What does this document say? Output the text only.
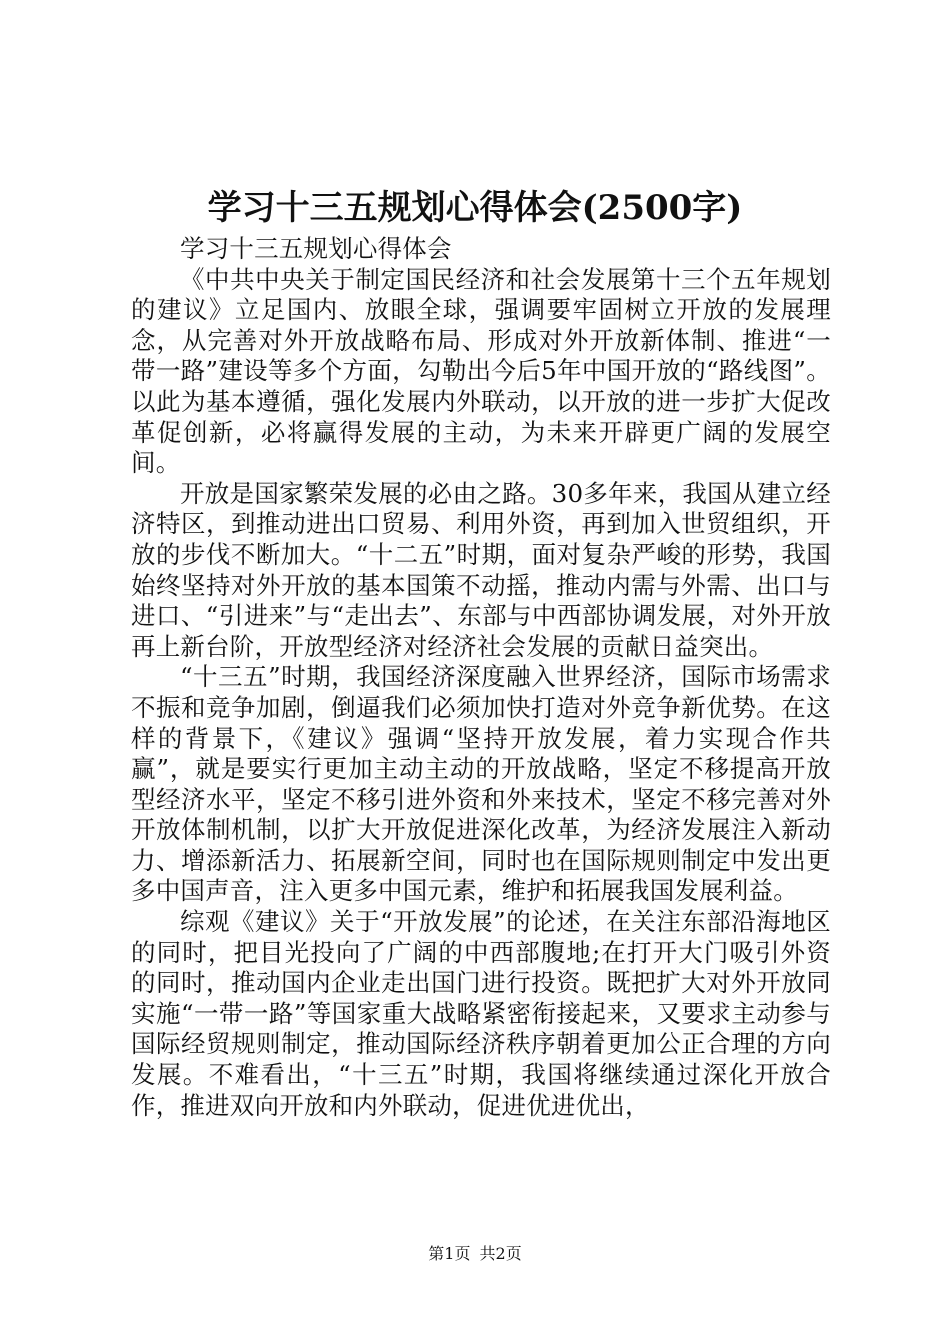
学习十三五规划心得体会(2500字)

学习十三五规划心得体会

《中共中央关于制定国民经济和社会发展第十三个五年规划的建议》立足国内、放眼全球，强调要牢固树立开放的发展理念，从完善对外开放战略布局、形成对外开放新体制、推进“一带一路”建设等多个方面，勾勒出今后5年中国开放的“路线图”。以此为基本遵循，强化发展内外联动，以开放的进一步扩大促改革促创新，必将赢得发展的主动，为未来开辟更广阔的发展空间。

开放是国家繁荣发展的必由之路。30多年来，我国从建立经济特区，到推动进出口贸易、利用外资，再到加入世贸组织，开放的步伐不断加大。“十二五”时期，面对复杂严峻的形势，我国始终坚持对外开放的基本国策不动摇，推动内需与外需、出口与进口、“引进来”与“走出去”、东部与中西部协调发展，对外开放再上新台阶，开放型经济对经济社会发展的贡献日益突出。

“十三五”时期，我国经济深度融入世界经济，国际市场需求不振和竞争加剧，倒逼我们必须加快打造对外竞争新优势。在这样的背景下，《建议》强调“坚持开放发展，着力实现合作共赢”，就是要实行更加主动主动的开放战略，坚定不移提高开放型经济水平，坚定不移引进外资和外来技术，坚定不移完善对外开放体制机制，以扩大开放促进深化改革，为经济发展注入新动力、增添新活力、拓展新空间，同时也在国际规则制定中发出更多中国声音，注入更多中国元素，维护和拓展我国发展利益。

综观《建议》关于“开放发展”的论述，在关注东部沿海地区的同时，把目光投向了广阔的中西部腹地;在打开大门吸引外资的同时，推动国内企业走出国门进行投资。既把扩大对外开放同实施“一带一路”等国家重大战略紧密衔接起来，又要求主动参与国际经贸规则制定，推动国际经济秩序朝着更加公正合理的方向发展。不难看出，“十三五”时期，我国将继续通过深化开放合作，推进双向开放和内外联动，促进优进优出，

第1页 共2页
